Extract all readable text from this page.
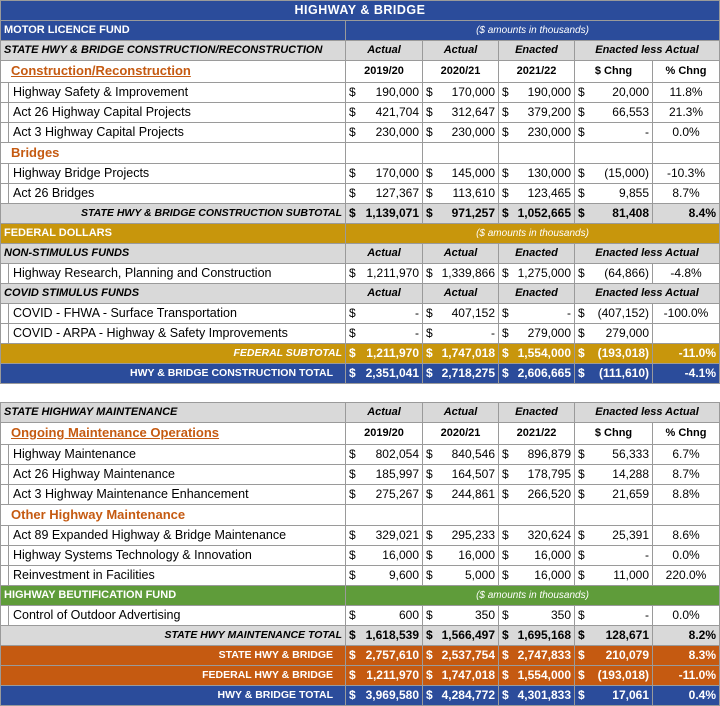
HIGHWAY & BRIDGE						
MOTOR LICENCE FUND		($ amounts in thousands)				
STATE HWY & BRIDGE CONSTRUCTION/RECONSTRUCTION		Actual	Actual	Enacted	Enacted less Actual	
Construction/Reconstruction		2019/20	2020/21	2021/22	$ Chng	% Chng
	Highway Safety & Improvement	$ 190,000	$ 170,000	$ 190,000	$ 20,000	11.8%
	Act 26 Highway Capital Projects	$ 421,704	$ 312,647	$ 379,200	$ 66,553	21.3%
	Act 3 Highway Capital Projects	$ 230,000	$ 230,000	$ 230,000	$ -	0.0%
Bridges						
	Highway Bridge Projects	$ 170,000	$ 145,000	$ 130,000	$ (15,000)	-10.3%
	Act 26 Bridges	$ 127,367	$ 113,610	$ 123,465	$ 9,855	8.7%
STATE HWY & BRIDGE CONSTRUCTION SUBTOTAL		$ 1,139,071	$ 971,257	$ 1,052,665	$ 81,408	8.4%
FEDERAL DOLLARS		($ amounts in thousands)				
NON-STIMULUS FUNDS		Actual	Actual	Enacted	Enacted less Actual	
	Highway Research, Planning and Construction	$ 1,211,970	$ 1,339,866	$ 1,275,000	$ (64,866)	-4.8%
COVID STIMULUS FUNDS		Actual	Actual	Enacted	Enacted less Actual	
	COVID - FHWA - Surface Transportation	$ -	$ 407,152	$ -	$ (407,152)	-100.0%
	COVID - ARPA - Highway & Safety Improvements	$ -	$ -	$ 279,000	$ 279,000	

FEDERAL SUBTOTAL		$ 1,211,970	$ 1,747,018	$ 1,554,000	$ (193,018)	-11.0%
HWY & BRIDGE CONSTRUCTION TOTAL		$ 2,351,041	$ 2,718,275	$ 2,606,665	$ (111,610)	-4.1%

STATE HIGHWAY MAINTENANCE		Actual	Actual	Enacted	Enacted less Actual	
Ongoing Maintenance Operations		2019/20	2020/21	2021/22	$ Chng	% Chng
	Highway Maintenance	$ 802,054	$ 840,546	$ 896,879	$ 56,333	6.7%
	Act 26 Highway Maintenance	$ 185,997	$ 164,507	$ 178,795	$ 14,288	8.7%
	Act 3 Highway Maintenance Enhancement	$ 275,267	$ 244,861	$ 266,520	$ 21,659	8.8%
Other Highway Maintenance						
	Act 89 Expanded Highway & Bridge Maintenance	$ 329,021	$ 295,233	$ 320,624	$ 25,391	8.6%
	Highway Systems Technology & Innovation	$ 16,000	$ 16,000	$ 16,000	$ -	0.0%
	Reinvestment in Facilities	$ 9,600	$ 5,000	$ 16,000	$ 11,000	220.0%
HIGHWAY BEUTIFICATION FUND		($ amounts in thousands)				
	Control of Outdoor Advertising	$ 600	$ 350	$ 350	$ -	0.0%
STATE HWY MAINTENANCE TOTAL		$ 1,618,539	$ 1,566,497	$ 1,695,168	$ 128,671	8.2%
STATE HWY & BRIDGE		$ 2,757,610	$ 2,537,754	$ 2,747,833	$ 210,079	8.3%
FEDERAL HWY & BRIDGE		$ 1,211,970	$ 1,747,018	$ 1,554,000	$ (193,018)	-11.0%
HWY & BRIDGE TOTAL		$ 3,969,580	$ 4,284,772	$ 4,301,833	$ 17,061	0.4%
